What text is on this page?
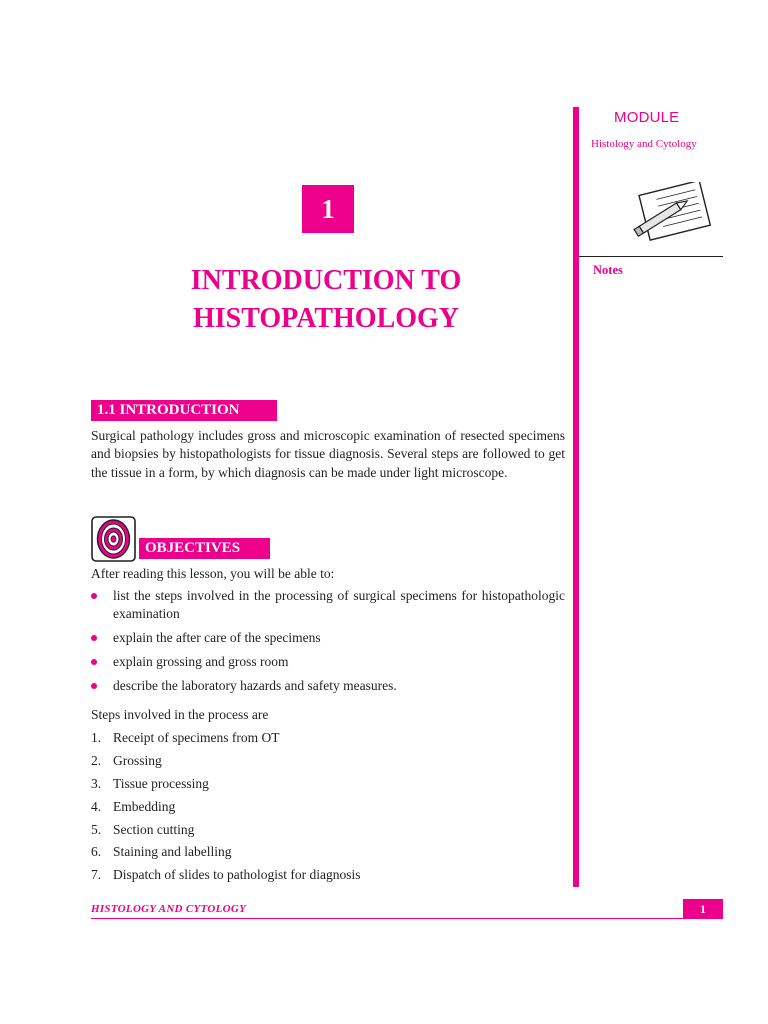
MODULE
Histology and Cytology
Notes
1
INTRODUCTION TO
HISTOPATHOLOGY
1.1 INTRODUCTION
Surgical pathology includes gross and microscopic examination of resected specimens and biopsies by histopathologists for tissue diagnosis. Several steps are followed to get the tissue in a form, by which diagnosis can be made under light microscope.
OBJECTIVES
After reading this lesson, you will be able to:
list the steps involved in the processing of surgical specimens for histopathologic examination
explain the after care of the specimens
explain grossing and gross room
describe the laboratory hazards and safety measures.
Steps involved in the process are
1. Receipt of specimens from OT
2. Grossing
3. Tissue processing
4. Embedding
5. Section cutting
6. Staining and labelling
7. Dispatch of slides to pathologist for diagnosis
HISTOLOGY AND CYTOLOGY	1
